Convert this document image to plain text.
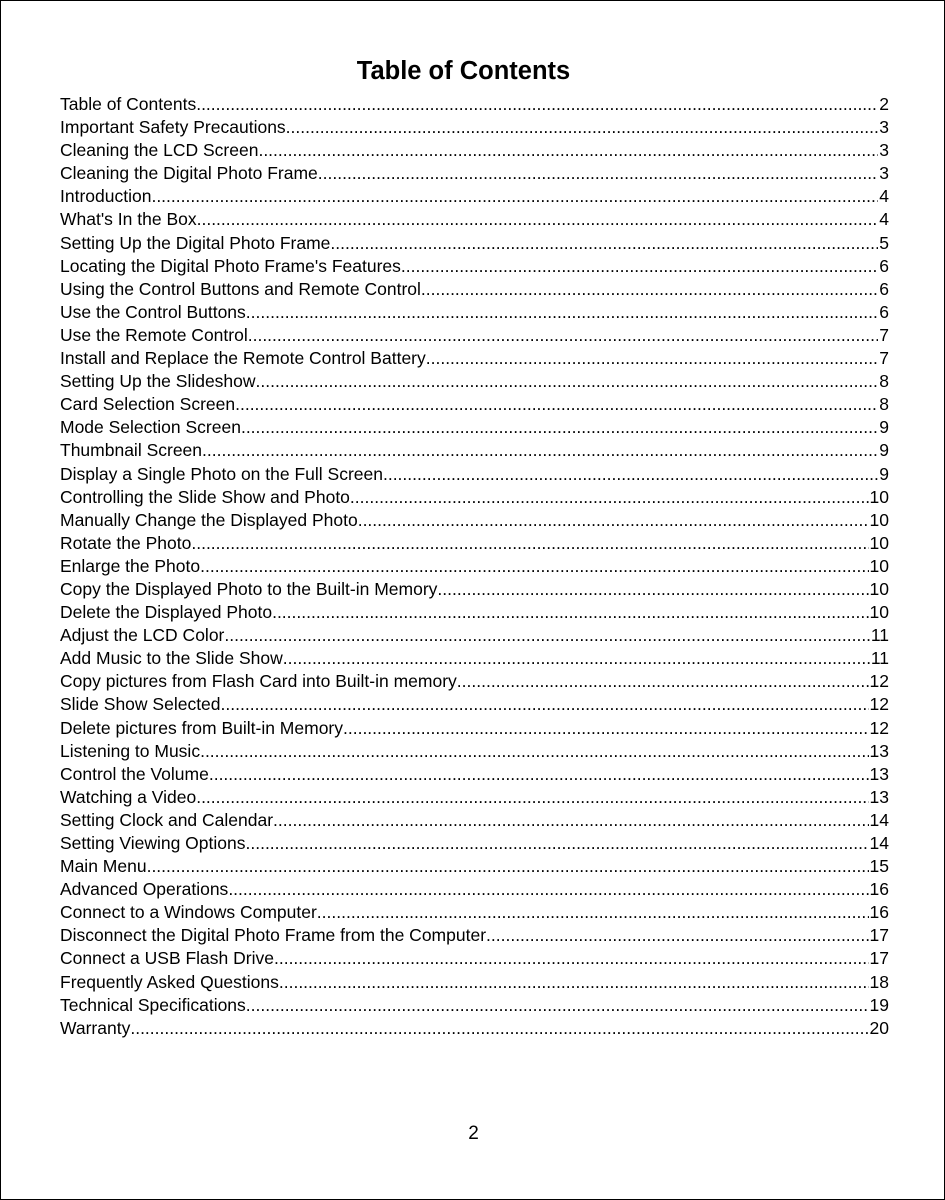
Table of Contents
Table of Contents .....	2
Important Safety Precautions .....	3
Cleaning the LCD Screen .....	3
Cleaning the Digital Photo Frame .....	3
Introduction .....	4
What's In the Box .....	4
Setting Up the Digital Photo Frame .....	5
Locating the Digital Photo Frame's Features .....	6
Using the Control Buttons and Remote Control .....	6
Use the Control Buttons .....	6
Use the Remote Control .....	7
Install and Replace the Remote Control Battery .....	7
Setting Up the Slideshow .....	8
Card Selection Screen .....	8
Mode Selection Screen .....	9
Thumbnail Screen .....	9
Display a Single Photo on the Full Screen .....	9
Controlling the Slide Show and Photo .....	10
Manually Change the Displayed Photo .....	10
Rotate the Photo .....	10
Enlarge the Photo .....	10
Copy the Displayed Photo to the Built-in Memory .....	10
Delete the Displayed Photo .....	10
Adjust the LCD Color .....	11
Add Music to the Slide Show .....	11
Copy pictures from Flash Card into Built-in memory .....	12
Slide Show Selected .....	12
Delete pictures from Built-in Memory .....	12
Listening to Music .....	13
Control the Volume .....	13
Watching a Video .....	13
Setting Clock and Calendar .....	14
Setting Viewing Options .....	14
Main Menu .....	15
Advanced Operations .....	16
Connect to a Windows Computer .....	16
Disconnect the Digital Photo Frame from the Computer .....	17
Connect a USB Flash Drive .....	17
Frequently Asked Questions .....	18
Technical Specifications .....	19
Warranty .....	20
2
